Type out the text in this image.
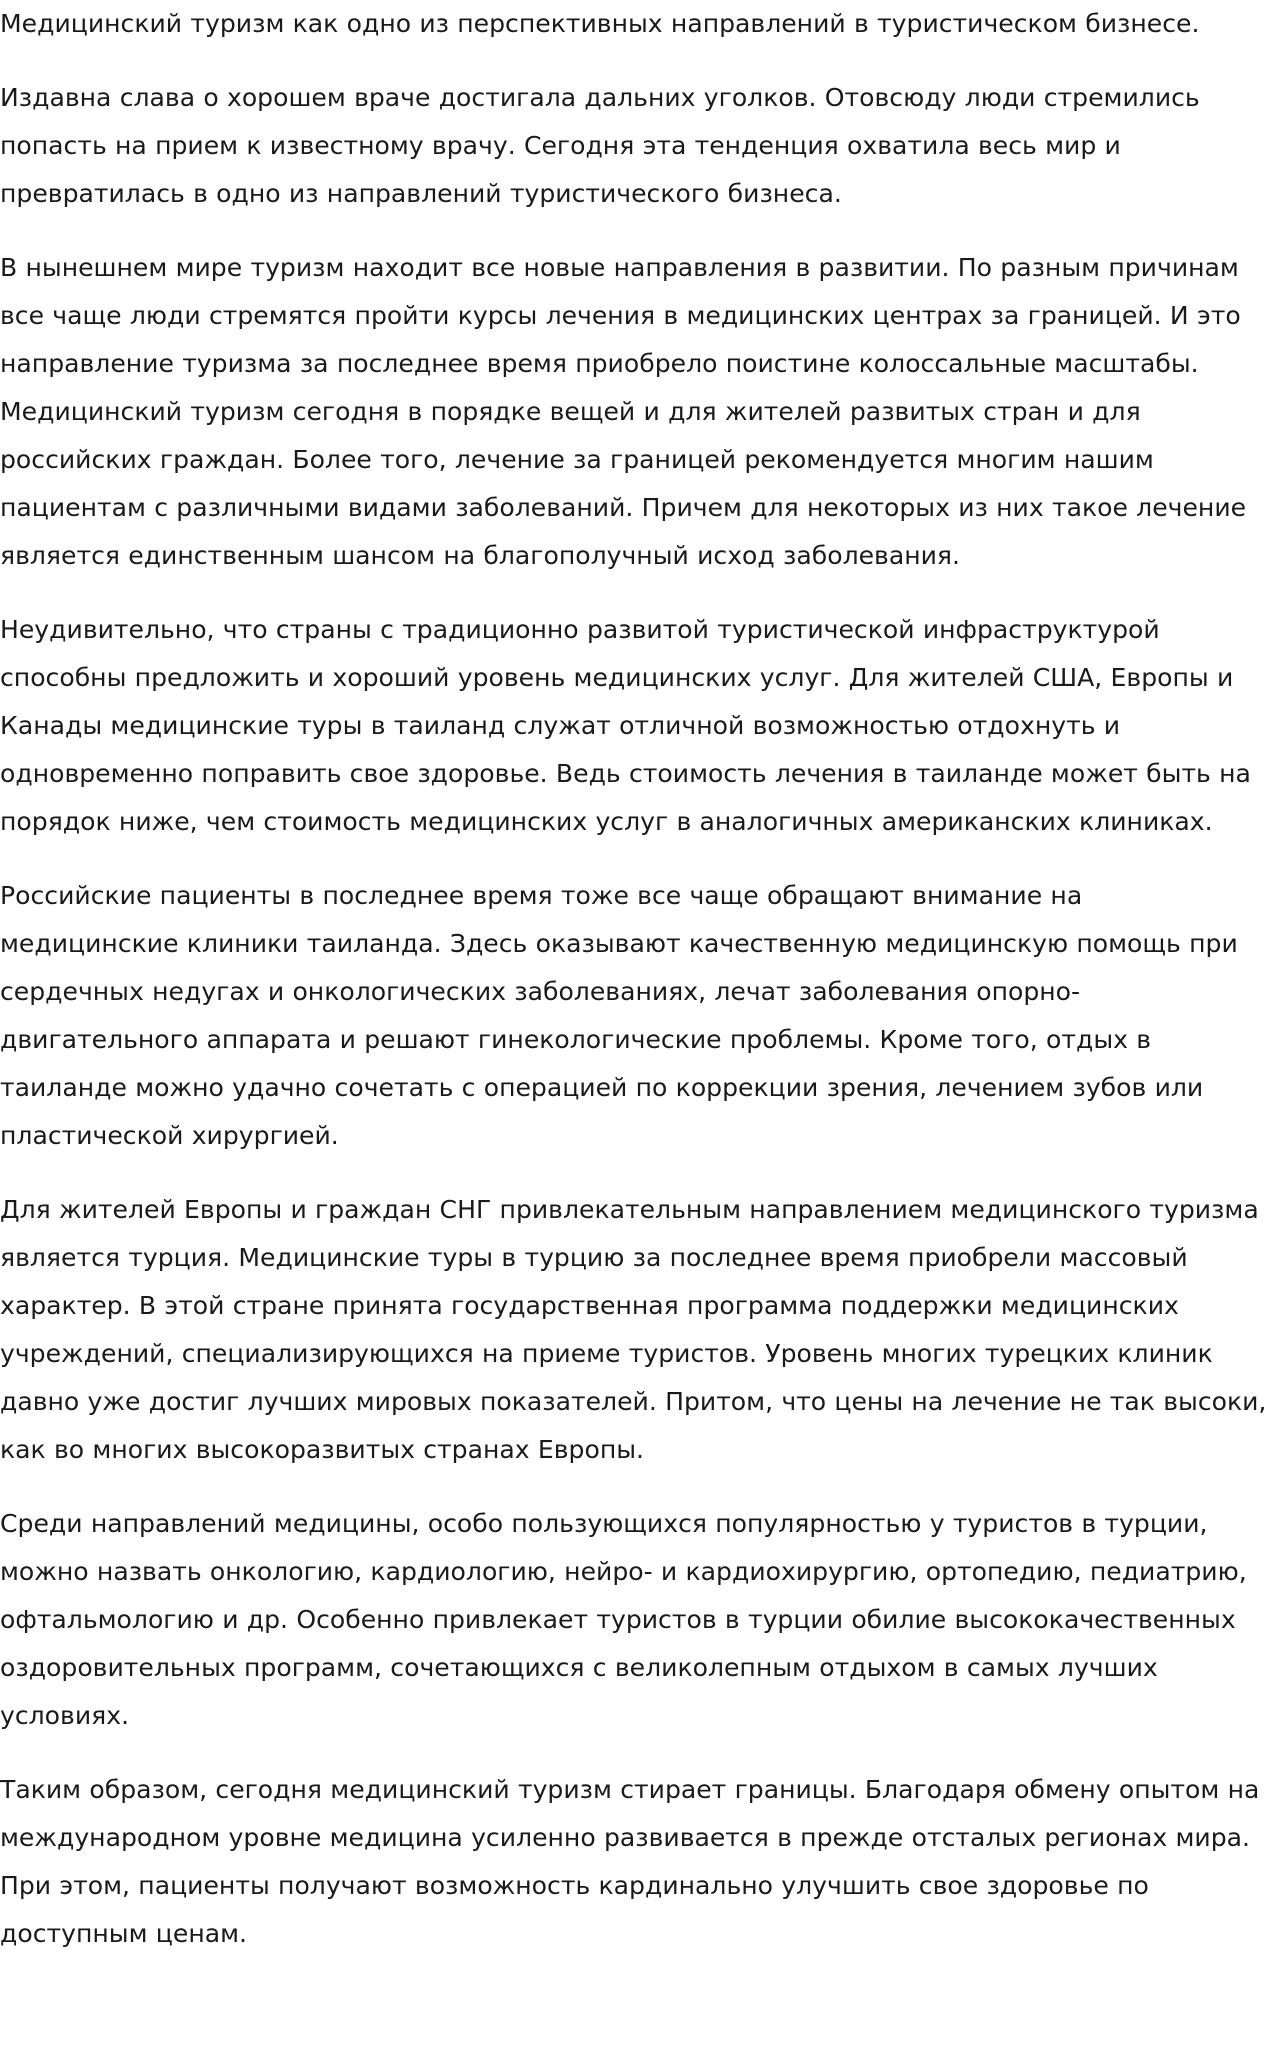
Медицинский туризм как одно из перспективных направлений в туристическом бизнесе.

Издавна слава о хорошем враче достигала дальних уголков. Отовсюду люди стремились попасть на прием к известному врачу. Сегодня эта тенденция охватила весь мир и превратилась в одно из направлений туристического бизнеса.

В нынешнем мире туризм находит все новые направления в развитии. По разным причинам все чаще люди стремятся пройти курсы лечения в медицинских центрах за границей. И это направление туризма за последнее время приобрело поистине колоссальные масштабы. Медицинский туризм сегодня в порядке вещей и для жителей развитых стран и для российских граждан. Более того, лечение за границей рекомендуется многим нашим пациентам с различными видами заболеваний. Причем для некоторых из них такое лечение является единственным шансом на благополучный исход заболевания.

Неудивительно, что страны с традиционно развитой туристической инфраструктурой способны предложить и хороший уровень медицинских услуг. Для жителей США, Европы и Канады медицинские туры в таиланд служат отличной возможностью отдохнуть и одновременно поправить свое здоровье. Ведь стоимость лечения в таиланде может быть на порядок ниже, чем стоимость медицинских услуг в аналогичных американских клиниках.

Российские пациенты в последнее время тоже все чаще обращают внимание на медицинские клиники таиланда. Здесь оказывают качественную медицинскую помощь при сердечных недугах и онкологических заболеваниях, лечат заболевания опорно-двигательного аппарата и решают гинекологические проблемы. Кроме того, отдых в таиланде можно удачно сочетать с операцией по коррекции зрения, лечением зубов или пластической хирургией.

Для жителей Европы и граждан СНГ привлекательным направлением медицинского туризма является турция. Медицинские туры в турцию за последнее время приобрели массовый характер. В этой стране принята государственная программа поддержки медицинских учреждений, специализирующихся на приеме туристов. Уровень многих турецких клиник давно уже достиг лучших мировых показателей. Притом, что цены на лечение не так высоки, как во многих высокоразвитых странах Европы.

Среди направлений медицины, особо пользующихся популярностью у туристов в турции, можно назвать онкологию, кардиологию, нейро- и кардиохирургию, ортопедию, педиатрию, офтальмологию и др. Особенно привлекает туристов в турции обилие высококачественных оздоровительных программ, сочетающихся с великолепным отдыхом в самых лучших условиях.

Таким образом, сегодня медицинский туризм стирает границы. Благодаря обмену опытом на международном уровне медицина усиленно развивается в прежде отсталых регионах мира. При этом, пациенты получают возможность кардинально улучшить свое здоровье по доступным ценам.
